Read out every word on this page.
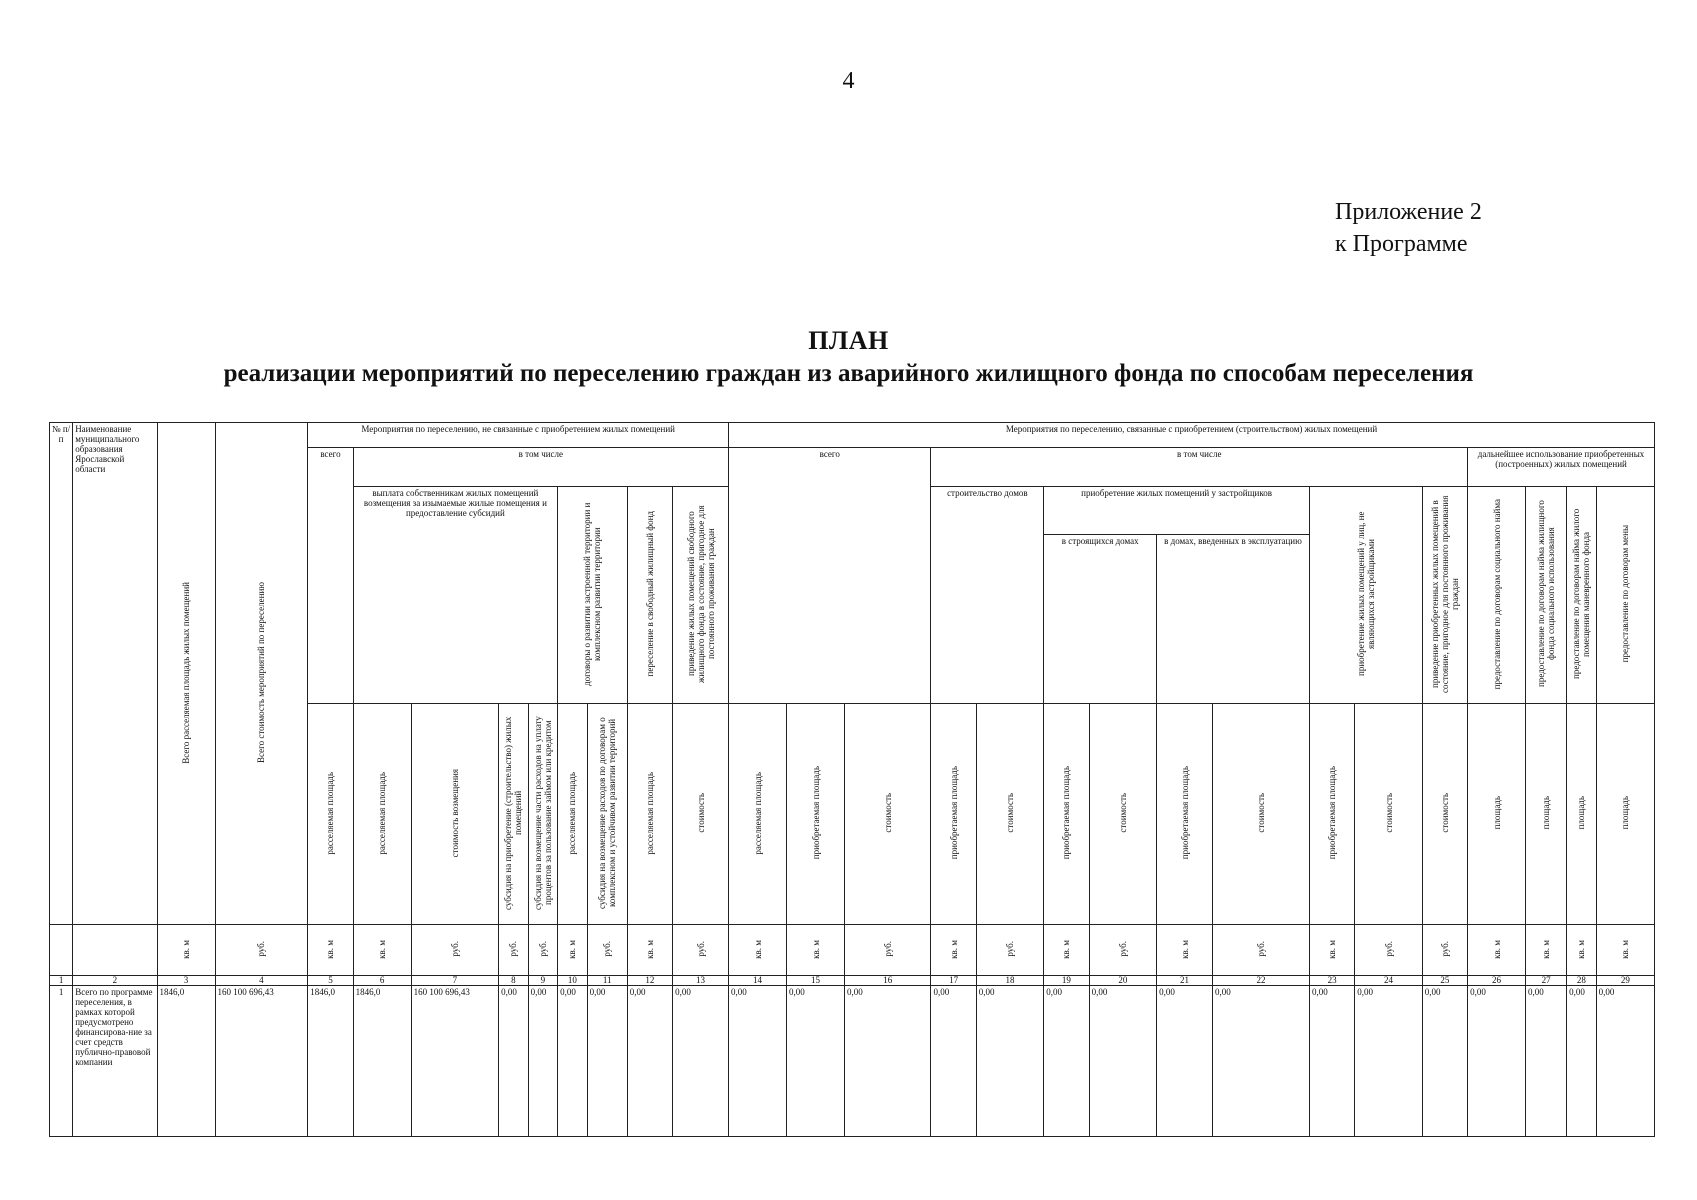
4
Приложение 2
к Программе
ПЛАН
реализации мероприятий по переселению граждан из аварийного жилищного фонда по способам переселения
№ п/п	Наименование муниципального образования Ярославской области	Всего расселяемая площадь жилых помещений	Всего стоимость мероприятий по переселению	Мероприятия по переселению, не связанные с приобретением жилых помещений									Мероприятия по переселению, связанные с приобретением (строительством) жилых помещений															
				всего	в том числе								всего			в том числе									дальнейшее использование приобретенных (построенных) жилых помещений			
					выплата собственникам жилых помещений возмещения за изымаемые жилые помещения и предоставление субсидий				договоры о развитии застроенной территории и комплексном развитии территории		переселение в свободный жилищный фонд	приведение жилых помещений свободного жилищного фонда в состояние, пригодное для постоянного проживания граждан				строительство домов		приобретение жилых помещений у застройщиков				приобретение жилых помещений у лиц, не являющихся застройщиками		приведение приобретенных жилых помещений в состояние, пригодное для постоянного проживания граждан	предоставление по договорам социального найма	предоставление по договорам найма жилищного фонда социального использования	предоставление по договорам найма жилого помещения маневренного фонда	предоставление по договорам мены
																		в строящихся домах		в домах, введенных в эксплуатацию								
				расселяемая площадь	расселяемая площадь	стоимость возмещения	субсидия на приобретение (строительство) жилых помещений	субсидия на возмещение части расходов на уплату процентов за пользование займом или кредитом	расселяемая площадь	субсидия на возмещение расходов по договорам о комплексном и устойчивом развитии территорий	расселяемая площадь	стоимость	расселяемая площадь	приобретаемая площадь	стоимость	приобретаемая площадь	стоимость	приобретаемая площадь	стоимость	приобретаемая площадь	стоимость	приобретаемая площадь	стоимость	стоимость	площадь	площадь	площадь	площадь
		кв. м	руб.	кв. м	кв. м	руб.	руб.	руб.	кв. м	руб.	кв. м	руб.	кв. м	кв. м	руб.	кв. м	руб.	кв. м	руб.	кв. м	руб.	кв. м	руб.	руб.	кв. м	кв. м	кв. м	кв. м
1	2	3	4	5	6	7	8	9	10	11	12	13	14	15	16	17	18	19	20	21	22	23	24	25	26	27	28	29
1	Всего по программе переселения, в рамках которой предусмотрено финансирова-ние за счет средств публично-правовой компании	1846,0	160 100 696,43	1846,0	1846,0	160 100 696,43	0,00	0,00	0,00	0,00	0,00	0,00	0,00	0,00	0,00	0,00	0,00	0,00	0,00	0,00	0,00	0,00	0,00	0,00	0,00	0,00	0,00	0,00
